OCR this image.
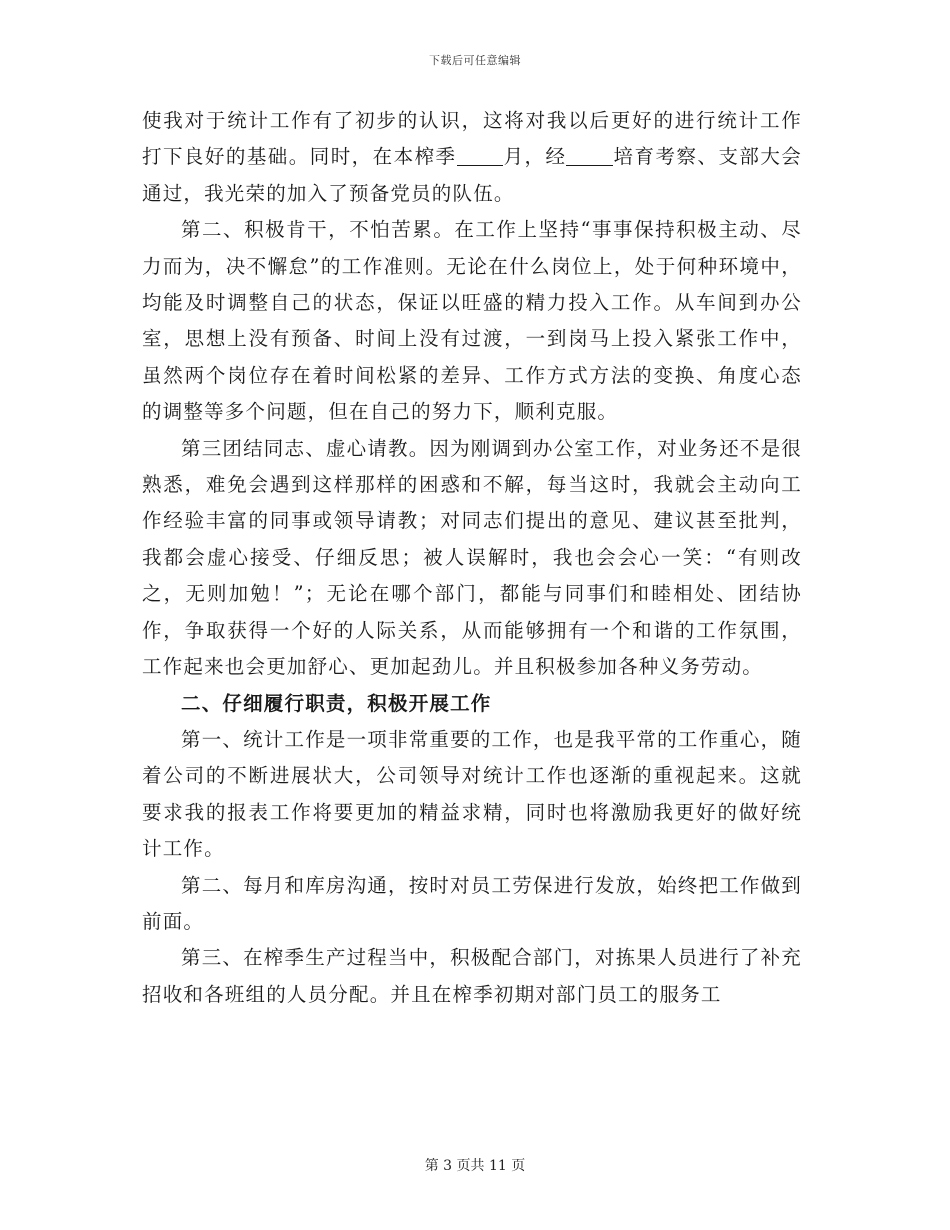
下载后可任意编辑

使我对于统计工作有了初步的认识，这将对我以后更好的进行统计工作打下良好的基础。同时，在本榨季 月，经 培育考察、支部大会通过，我光荣的加入了预备党员的队伍。

第二、积极肯干，不怕苦累。在工作上坚持“事事保持积极主动、尽力而为，决不懈怠”的工作准则。无论在什么岗位上，处于何种环境中，均能及时调整自己的状态，保证以旺盛的精力投入工作。从车间到办公室，思想上没有预备、时间上没有过渡，一到岗马上投入紧张工作中，虽然两个岗位存在着时间松紧的差异、工作方式方法的变换、角度心态的调整等多个问题，但在自己的努力下，顺利克服。

第三团结同志、虚心请教。因为刚调到办公室工作，对业务还不是很熟悉，难免会遇到这样那样的困惑和不解，每当这时，我就会主动向工作经验丰富的同事或领导请教；对同志们提出的意见、建议甚至批判，我都会虚心接受、仔细反思；被人误解时，我也会会心一笑：“有则改之，无则加勉！”；无论在哪个部门，都能与同事们和睦相处、团结协作，争取获得一个好的人际关系，从而能够拥有一个和谐的工作氛围，工作起来也会更加舒心、更加起劲儿。并且积极参加各种义务劳动。

二、仔细履行职责，积极开展工作

第一、统计工作是一项非常重要的工作，也是我平常的工作重心，随着公司的不断进展状大，公司领导对统计工作也逐渐的重视起来。这就要求我的报表工作将要更加的精益求精，同时也将激励我更好的做好统计工作。

第二、每月和库房沟通，按时对员工劳保进行发放，始终把工作做到前面。

第三、在榨季生产过程当中，积极配合部门，对拣果人员进行了补充招收和各班组的人员分配。并且在榨季初期对部门员工的服务工

第 3 页共 11 页
